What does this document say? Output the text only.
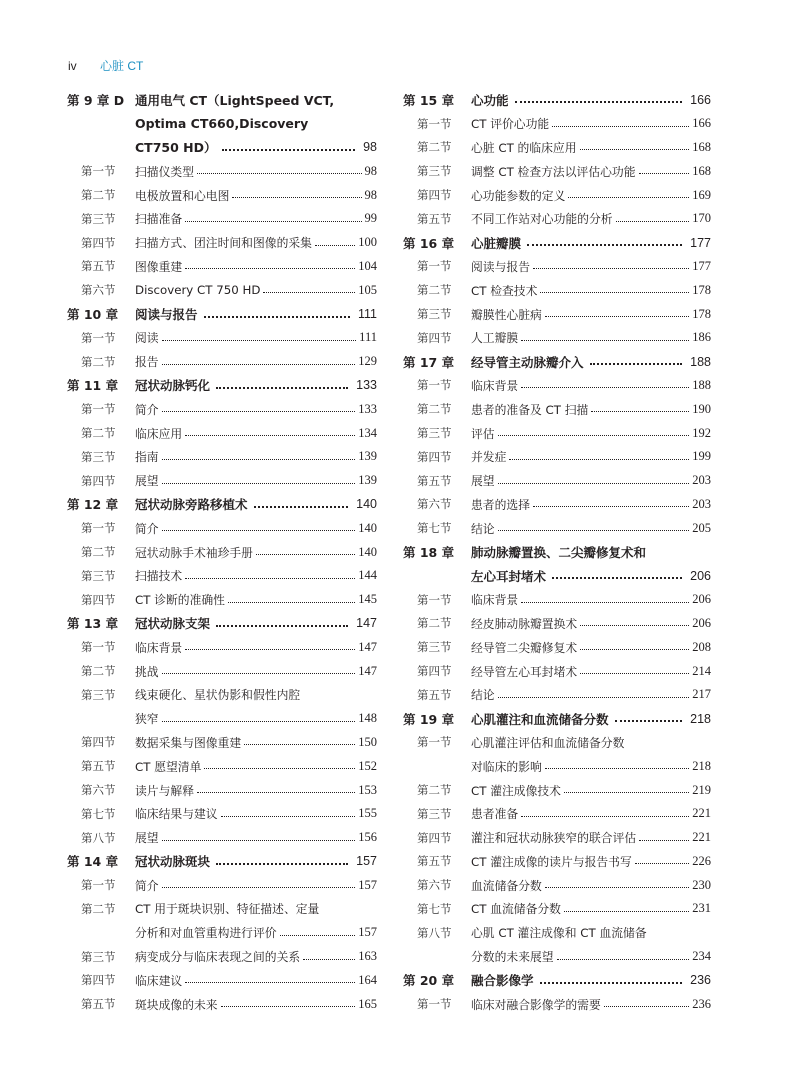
iv 心脏 CT
第 9 章 D 通用电气 CT（LightSpeed VCT,
Optima CT660,Discovery
CT750 HD）	98
第一节	扫描仪类型	98
第二节	电极放置和心电图	98
第三节	扫描准备	99
第四节	扫描方式、团注时间和图像的采集	100
第五节	图像重建	104
第六节	Discovery CT 750 HD	105
第 10 章	阅读与报告	111
第一节	阅读	111
第二节	报告	129
第 11 章	冠状动脉钙化	133
第一节	简介	133
第二节	临床应用	134
第三节	指南	139
第四节	展望	139
第 12 章	冠状动脉旁路移植术	140
第一节	简介	140
第二节	冠状动脉手术袖珍手册	140
第三节	扫描技术	144
第四节	CT 诊断的准确性	145
第 13 章	冠状动脉支架	147
第一节	临床背景	147
第二节	挑战	147
第三节	线束硬化、星状伪影和假性内腔
狭窄	148
第四节	数据采集与图像重建	150
第五节	CT 愿望清单	152
第六节	读片与解释	153
第七节	临床结果与建议	155
第八节	展望	156
第 14 章	冠状动脉斑块	157
第一节	简介	157
第二节	CT 用于斑块识别、特征描述、定量
分析和对血管重构进行评价	157
第三节	病变成分与临床表现之间的关系	163
第四节	临床建议	164
第五节	斑块成像的未来	165
第 15 章	心功能	166
第一节	CT 评价心功能	166
第二节	心脏 CT 的临床应用	168
第三节	调整 CT 检查方法以评估心功能	168
第四节	心功能参数的定义	169
第五节	不同工作站对心功能的分析	170
第 16 章	心脏瓣膜	177
第一节	阅读与报告	177
第二节	CT 检查技术	178
第三节	瓣膜性心脏病	178
第四节	人工瓣膜	186
第 17 章	经导管主动脉瓣介入	188
第一节	临床背景	188
第二节	患者的准备及 CT 扫描	190
第三节	评估	192
第四节	并发症	199
第五节	展望	203
第六节	患者的选择	203
第七节	结论	205
第 18 章	肺动脉瓣置换、二尖瓣修复术和
左心耳封堵术	206
第一节	临床背景	206
第二节	经皮肺动脉瓣置换术	206
第三节	经导管二尖瓣修复术	208
第四节	经导管左心耳封堵术	214
第五节	结论	217
第 19 章	心肌灌注和血流储备分数	218
第一节	心肌灌注评估和血流储备分数
对临床的影响	218
第二节	CT 灌注成像技术	219
第三节	患者准备	221
第四节	灌注和冠状动脉狭窄的联合评估	221
第五节	CT 灌注成像的读片与报告书写	226
第六节	血流储备分数	230
第七节	CT 血流储备分数	231
第八节	心肌 CT 灌注成像和 CT 血流储备
分数的未来展望	234
第 20 章	融合影像学	236
第一节	临床对融合影像学的需要	236
